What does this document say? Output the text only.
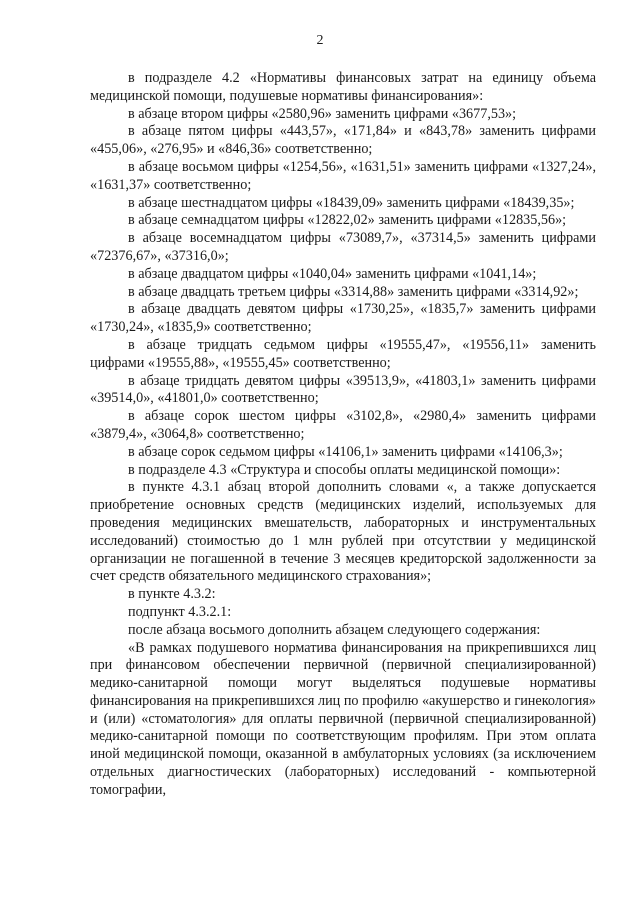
2

в подразделе 4.2 «Нормативы финансовых затрат на единицу объема медицинской помощи, подушевые нормативы финансирования»:

в абзаце втором цифры «2580,96» заменить цифрами «3677,53»;

в абзаце пятом цифры «443,57», «171,84» и «843,78» заменить цифрами «455,06», «276,95» и «846,36» соответственно;

в абзаце восьмом цифры «1254,56», «1631,51» заменить цифрами «1327,24», «1631,37» соответственно;

в абзаце шестнадцатом цифры «18439,09» заменить цифрами «18439,35»;

в абзаце семнадцатом цифры «12822,02» заменить цифрами «12835,56»;

в абзаце восемнадцатом цифры «73089,7», «37314,5» заменить цифрами «72376,67», «37316,0»;

в абзаце двадцатом цифры «1040,04» заменить цифрами «1041,14»;

в абзаце двадцать третьем цифры «3314,88» заменить цифрами «3314,92»;

в абзаце двадцать девятом цифры «1730,25», «1835,7» заменить цифрами «1730,24», «1835,9» соответственно;

в абзаце тридцать седьмом цифры «19555,47», «19556,11» заменить цифрами «19555,88», «19555,45» соответственно;

в абзаце тридцать девятом цифры «39513,9», «41803,1» заменить цифрами «39514,0», «41801,0» соответственно;

в абзаце сорок шестом цифры «3102,8», «2980,4» заменить цифрами «3879,4», «3064,8» соответственно;

в абзаце сорок седьмом цифры «14106,1» заменить цифрами «14106,3»;

в подразделе 4.3 «Структура и способы оплаты медицинской помощи»:

в пункте 4.3.1 абзац второй дополнить словами «, а также допускается приобретение основных средств (медицинских изделий, используемых для проведения медицинских вмешательств, лабораторных и инструментальных исследований) стоимостью до 1 млн рублей при отсутствии у медицинской организации не погашенной в течение 3 месяцев кредиторской задолженности за счет средств обязательного медицинского страхования»;

в пункте 4.3.2:

подпункт 4.3.2.1:

после абзаца восьмого дополнить абзацем следующего содержания:

«В рамках подушевого норматива финансирования на прикрепившихся лиц при финансовом обеспечении первичной (первичной специализированной) медико-санитарной помощи могут выделяться подушевые нормативы финансирования на прикрепившихся лиц по профилю «акушерство и гинекология» и (или) «стоматология» для оплаты первичной (первичной специализированной) медико-санитарной помощи по соответствующим профилям. При этом оплата иной медицинской помощи, оказанной в амбулаторных условиях (за исключением отдельных диагностических (лабораторных) исследований - компьютерной томографии,
